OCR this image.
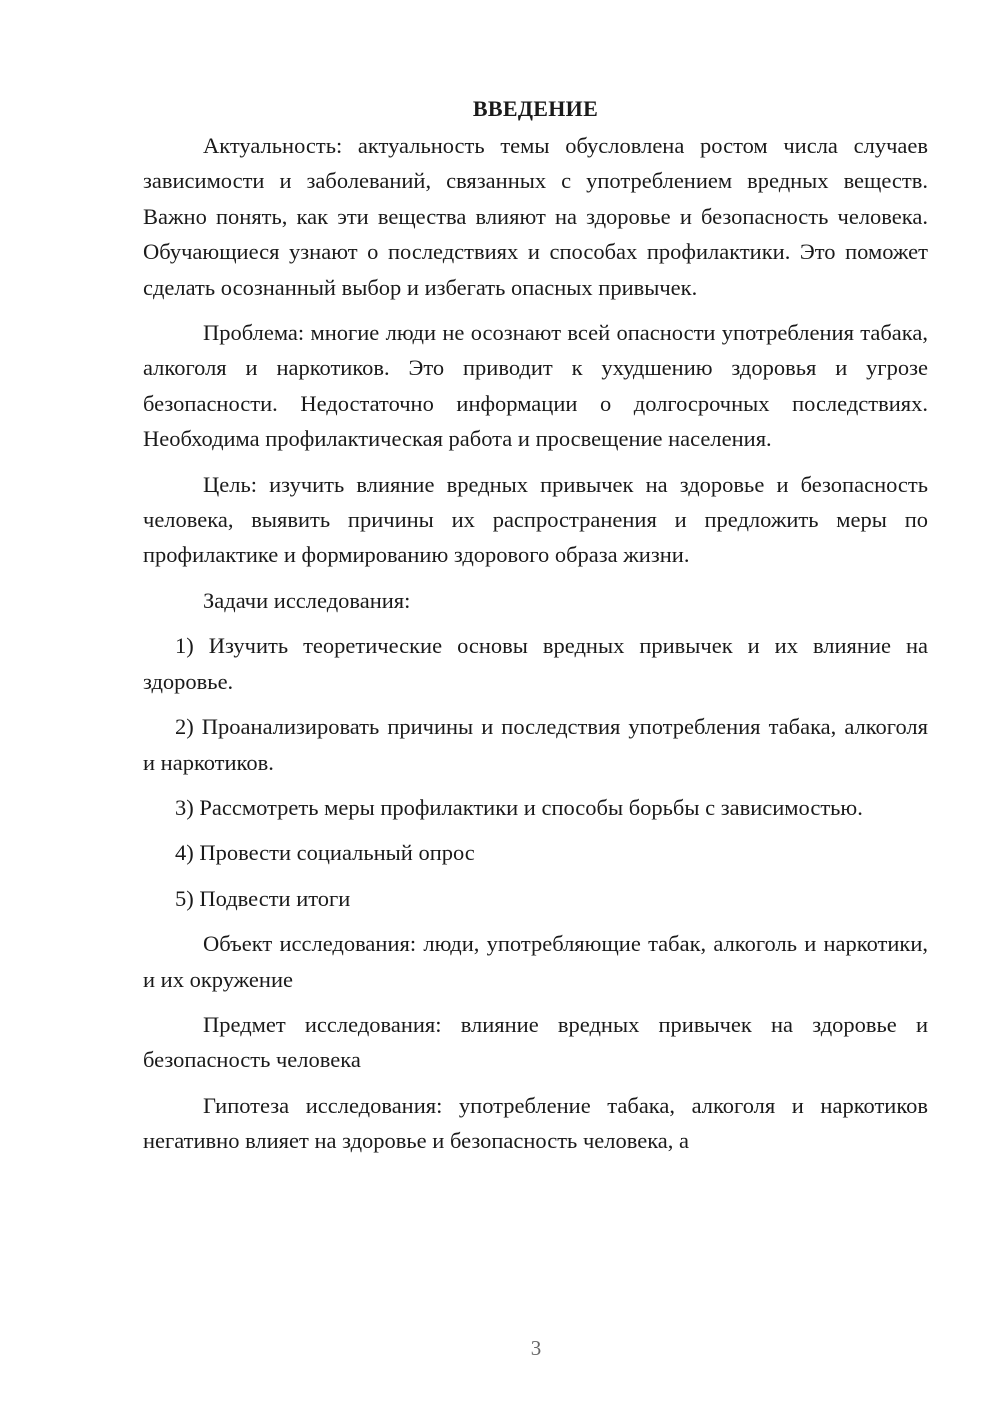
ВВЕДЕНИЕ

Актуальность: актуальность темы обусловлена ростом числа случаев зависимости и заболеваний, связанных с употреблением вредных веществ. Важно понять, как эти вещества влияют на здоровье и безопасность человека. Обучающиеся узнают о последствиях и способах профилактики. Это поможет сделать осознанный выбор и избегать опасных привычек.

Проблема: многие люди не осознают всей опасности употребления табака, алкоголя и наркотиков. Это приводит к ухудшению здоровья и угрозе безопасности. Недостаточно информации о долгосрочных последствиях. Необходима профилактическая работа и просвещение населения.

Цель: изучить влияние вредных привычек на здоровье и безопасность человека, выявить причины их распространения и предложить меры по профилактике и формированию здорового образа жизни.

Задачи исследования:

1) Изучить теоретические основы вредных привычек и их влияние на здоровье.

2) Проанализировать причины и последствия употребления табака, алкоголя и наркотиков.

3) Рассмотреть меры профилактики и способы борьбы с зависимостью.

4) Провести социальный опрос

5) Подвести итоги

Объект исследования: люди, употребляющие табак, алкоголь и наркотики, и их окружение

Предмет исследования: влияние вредных привычек на здоровье и безопасность человека

Гипотеза исследования: употребление табака, алкоголя и наркотиков негативно влияет на здоровье и безопасность человека, а

3
